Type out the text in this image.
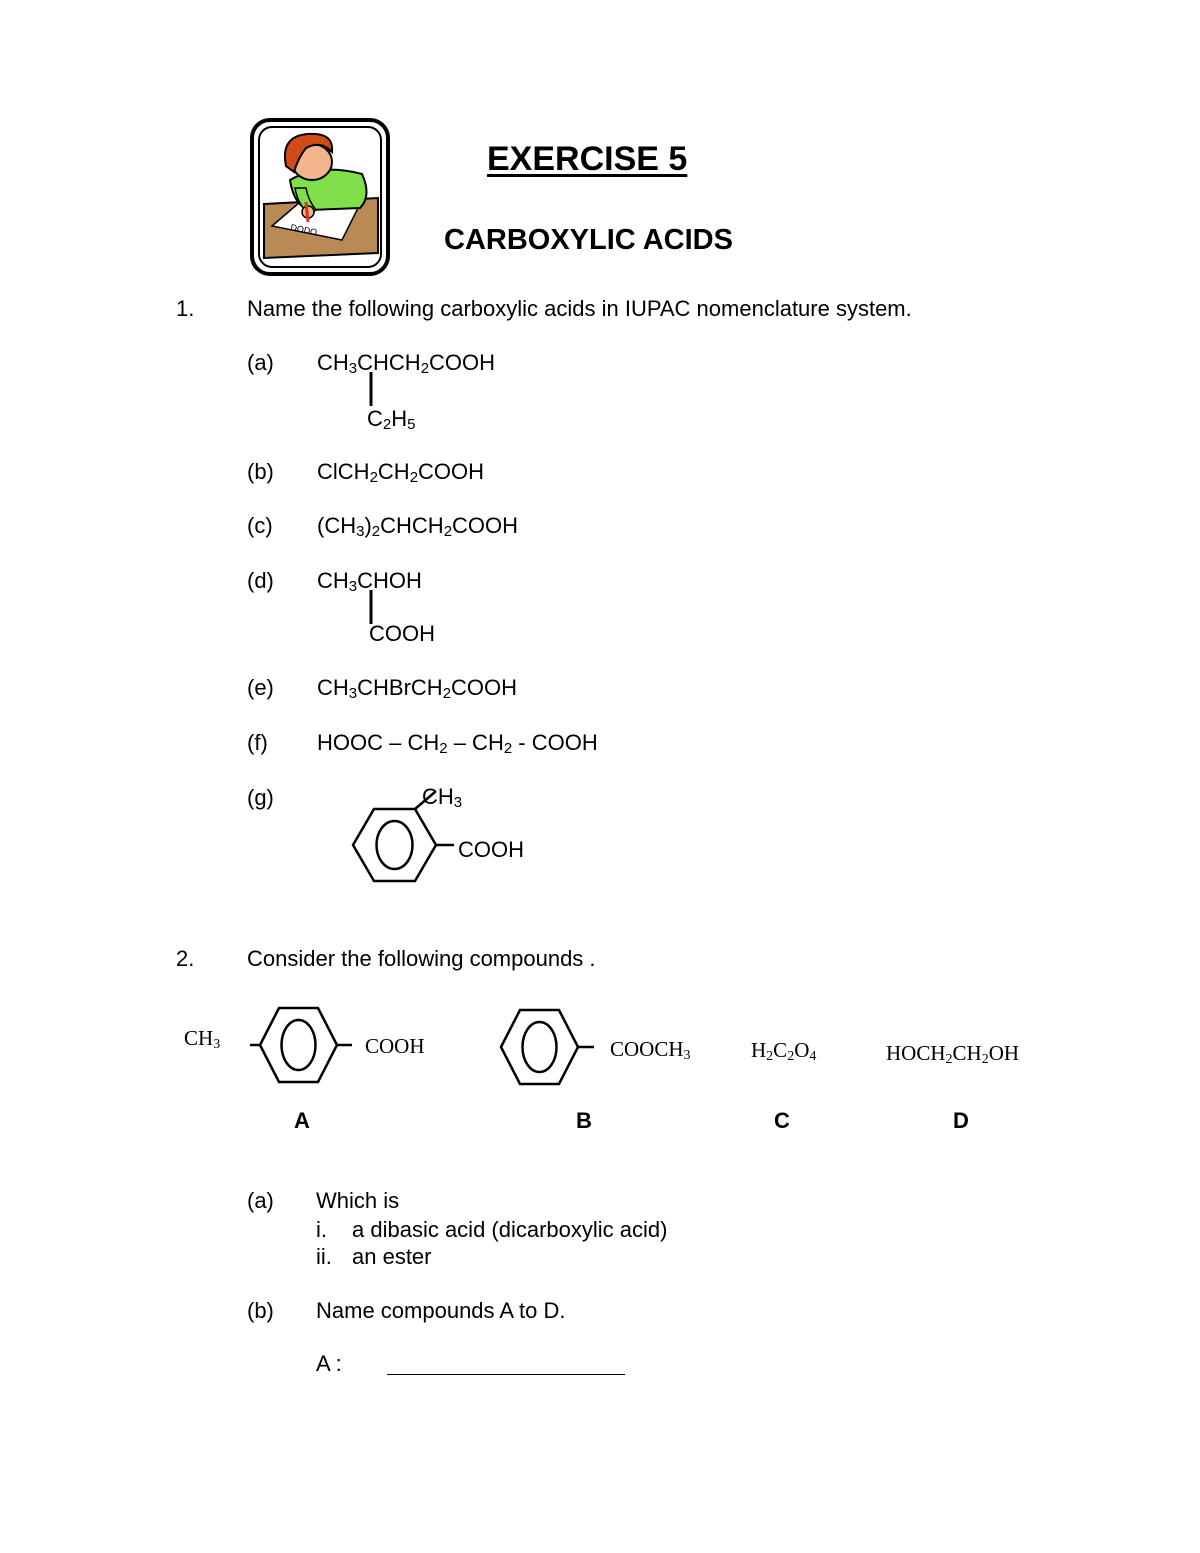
DODO
EXERCISE 5
CARBOXYLIC ACIDS
1. Name the following carboxylic acids in IUPAC nomenclature system.
(a) $CH_3CHCH_2COOH$
$C_2H_5$
(b) $ClCH_2CH_2COOH$
(c) $(CH_3)_2CHCH_2COOH$
(d) $CH_3CHOH$
COOH
(e) $CH_3CHBrCH_2COOH$
(f) HOOC – $CH_2 - CH_2$ - COOH
(g)	$CH_3$
COOH
2. Consider the following compounds .
$CH_3$	COOH
A
$COOCH_3$
B
$H_2C_2O_4$
C
$HOCH_2CH_2OH$
D
(a) Which is
i. a dibasic acid (dicarboxylic acid)
ii. an ester
(b) Name compounds A to D.
A :
